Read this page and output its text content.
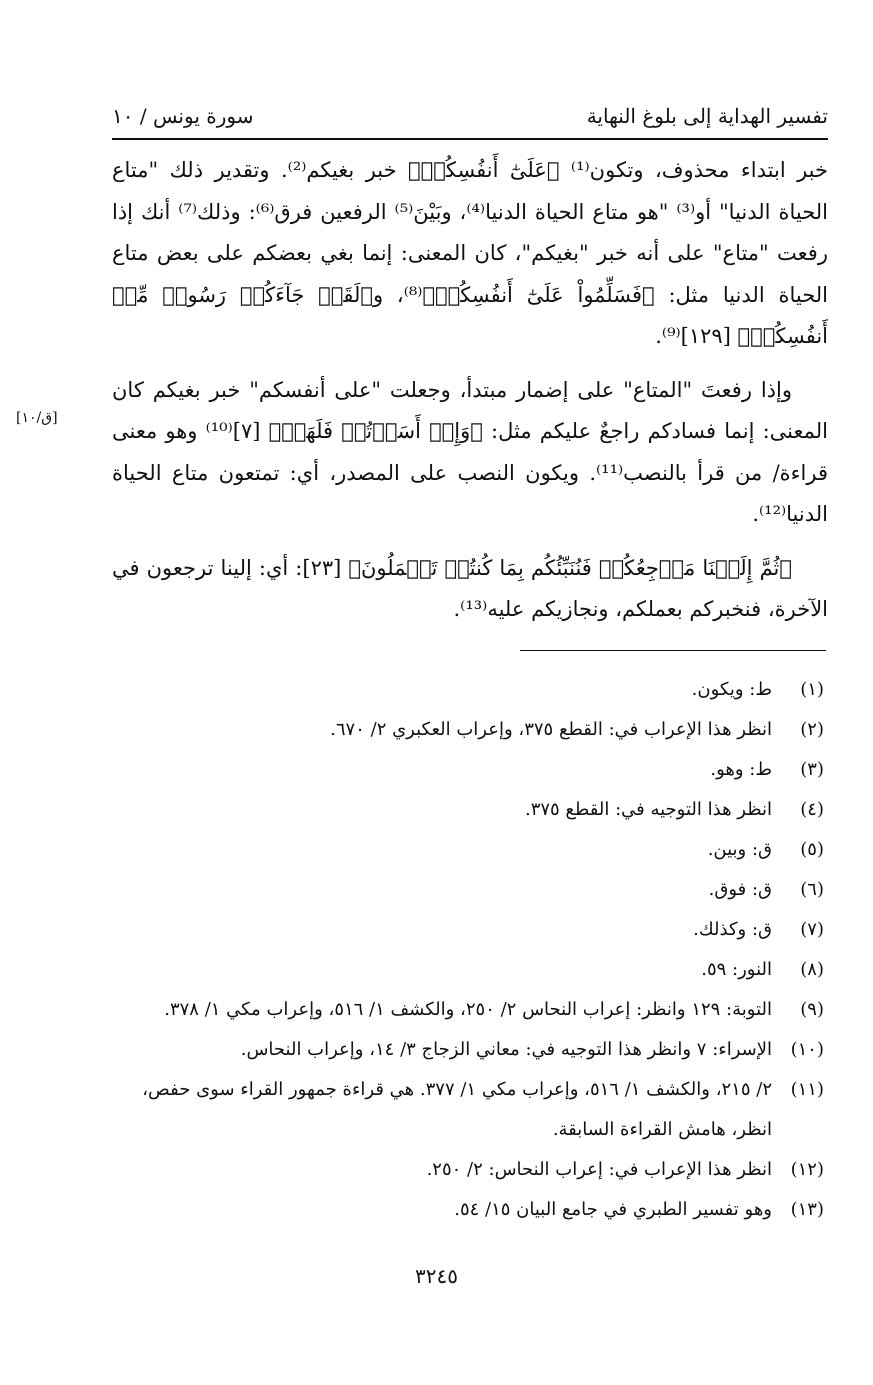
تفسير الهداية إلى بلوغ النهاية
سورة يونس / ١٠

خبر ابتداء محذوف، وتكون⁽¹⁾ ﴿عَلَىٰٓ أَنفُسِكُمۖ﴾ خبر بغيكم⁽²⁾. وتقدير ذلك "متاع الحياة الدنيا" أو⁽³⁾ "هو متاع الحياة الدنيا⁽⁴⁾، وبَيْنَ⁽⁵⁾ الرفعين فرق⁽⁶⁾: وذلك⁽⁷⁾ أنك إذا رفعت "متاع" على أنه خبر "بغيكم"، كان المعنى: إنما بغي بعضكم على بعض متاع الحياة الدنيا مثل: ﴿فَسَلِّمُواْ عَلَىٰٓ أَنفُسِكُمۡ﴾⁽⁸⁾، و﴿لَقَدۡ جَآءَكُمۡ رَسُولٞ مِّنۡ أَنفُسِكُمۡ﴾ [١٢٩]⁽⁹⁾.

وإذا رفعتَ "المتاع" على إضمار مبتدأ، وجعلت "على أنفسكم" خبر بغيكم كان المعنى: إنما فسادكم راجعٌ عليكم مثل: ﴿وَإِنۡ أَسَأۡتُمۡ فَلَهَاۚ﴾ [٧]⁽¹⁰⁾ وهو معنى قراءة/ من قرأ بالنصب⁽¹¹⁾. ويكون النصب على المصدر، أي: تمتعون متاع الحياة الدنيا⁽¹²⁾.

﴿ثُمَّ إِلَيۡنَا مَرۡجِعُكُمۡ فَنُنَبِّئُكُم بِمَا كُنتُمۡ تَعۡمَلُونَ﴾ [٢٣]: أي: إلينا ترجعون في الآخرة، فنخبركم بعملكم، ونجازيكم عليه⁽¹³⁾.

[ق/١٠]
(١)
ط: ويكون.
(٢)
انظر هذا الإعراب في: القطع ٣٧٥، وإعراب العكبري ٢/ ٦٧٠.
(٣)
ط: وهو.
(٤)
انظر هذا التوجيه في: القطع ٣٧٥.
(٥)
ق: وبين.
(٦)
ق: فوق.
(٧)
ق: وكذلك.
(٨)
النور: ٥٩.
(٩)
التوبة: ١٢٩ وانظر: إعراب النحاس ٢/ ٢٥٠، والكشف ١/ ٥١٦، وإعراب مكي ١/ ٣٧٨.
(١٠)
الإسراء: ٧ وانظر هذا التوجيه في: معاني الزجاج ٣/ ١٤، وإعراب النحاس.
(١١)
٢/ ٢١٥، والكشف ١/ ٥١٦، وإعراب مكي ١/ ٣٧٧. هي قراءة جمهور القراء سوى حفص، انظر، هامش القراءة السابقة.
(١٢)
انظر هذا الإعراب في: إعراب النحاس: ٢/ ٢٥٠.
(١٣)
وهو تفسير الطبري في جامع البيان ١٥/ ٥٤.
٣٢٤٥
